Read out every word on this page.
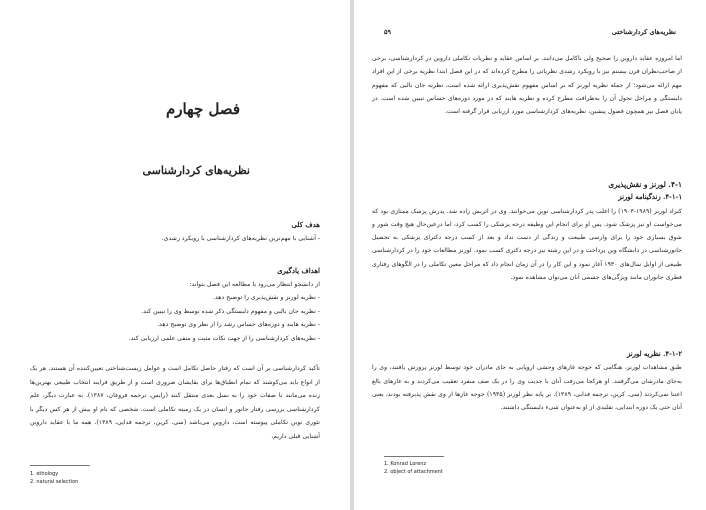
فصل چهارم
نظریه‌های کردارشناسی
هدف کلی
- آشنایی با مهم‌ترین نظریه‌های کردارشناسی با رویکرد رشدی.
اهداف یادگیری
از دانشجو انتظار می‌رود با مطالعه این فصل بتواند:
- نظریه لورنز و نقش‌پذیری را توضیح دهد.
- نظریه جان بالبی و مفهوم دلبستگی ذکر شده توسط وی را تبیین کند.
- نظریه هایند و دوره‌های حساس رشد را از نظر وی توضیح دهد.
- نظریه‌های کردارشناسی را از جهت نکات مثبت و منفی علمی ارزیابی کند.
تأکید کردارشناسی بر آن است که رفتار حاصل تکامل است و عوامل زیست‌شناختی تعیین‌کننده آن هستند. هر یک از انواع باید می‌کوشند که تمام انطباق‌ها برای بقایشان ضروری است و از طریق فرایند انتخاب طبیعی بهترین‌ها زنده می‌مانند تا صفات خود را به نسل بعدی منتقل کنند (رایس، ترجمه فروغان، ۱۳۸۷). به عبارت دیگر، علم کردارشناسی بررسی رفتار جانور و انسان در یک زمینه تکاملی است. شخصی که نام او بیش از هر کس دیگر با تئوری نوین تکاملی پیوسته است، داروین می‌باشد (سی. کرین، ترجمه فدایی، ۱۳۸۹). همه ما با عقاید داروین آشنایی قبلی داریم،
1. ethology
2. natural selection
نظریه‌های کردارشناختی
۵۹
اما امروزه عقاید داروین را صحیح ولی ناکامل می‌دانند. بر اساس عقاید و نظریات تکاملی داروین در کردارشناسی، برخی از صاحب‌نظران قرن بیستم نیز با رویکرد رشدی نظریاتی را مطرح کرده‌اند که در این فصل ابتدا نظریه برخی از این افراد مهم ارائه می‌شود؛ از جمله نظریه لورنز که بر اساس مفهوم نقش‌پذیری ارائه شده است، نظریه جان بالبی که مفهوم دلبستگی و مراحل تحول آن را به‌ظرافت مطرح کرده و نظریه هایند که در مورد دوره‌های حساس تبیین شده است. در پایان فصل نیز همچون فصول پیشین، نظریه‌های کردارشناسی مورد ارزیابی قرار گرفته است.
۴-۱. لورنز و نقش‌پذیری
۴-۱-۱. زندگینامه لورنز
کنراد لورنز (۱۹۸۹-۱۹۰۳) را اغلب پدر کردارشناسی نوین می‌خوانند. وی در اتریش زاده شد. پدرش پزشک ممتازی بود که می‌خواست او نیز پزشک شود. پس او برای انجام این وظیفه درجه پزشکی را کسب کرد، اما درعین‌حال هیچ وقت شور و شوق بسیاری خود را برای وارسی طبیعت و زندگی از دست نداد و بعد از کسب درجه دکترای پزشکی به تحصیل جانورشناسی در دانشگاه وین پرداخت و در این رشته نیز درجه دکتری کسب نمود. لورنز مطالعات خود را در کردارشناسی طبیعی از اوایل سال‌های ۱۹۳۰ آغاز نمود و این کار را در آن زمان انجام داد که مراحل معین تکاملی را در الگوهای رفتاری فطری جانوران مانند ویژگی‌های جسمی آنان می‌توان مشاهده نمود.
۴-۱-۲. نظریه لورنز
طبق مشاهدات لورنز، هنگامی که جوجه غازهای وحشی اروپایی به جای مادران خود توسط لورنز پرورش یافتند، وی را به‌جای مادرشان می‌گرفتند. او هرکجا می‌رفت آنان با جدیت وی را در یک صف منفرد تعقیب می‌کردند و به غازهای بالغ اعتنا نمی‌کردند (سی. کرین، ترجمه فدایی، ۱۳۸۹). بر پایه نظر لورنز (۱۹۳۵) جوجه غازها از وی نقش پذیرفته بودند، یعنی آنان حتی یک دوره ابتدایی، تقلیدی از او به‌عنوان شیء دلبستگی داشتند.
1. Konrad Lorenz
2. object of attachment
